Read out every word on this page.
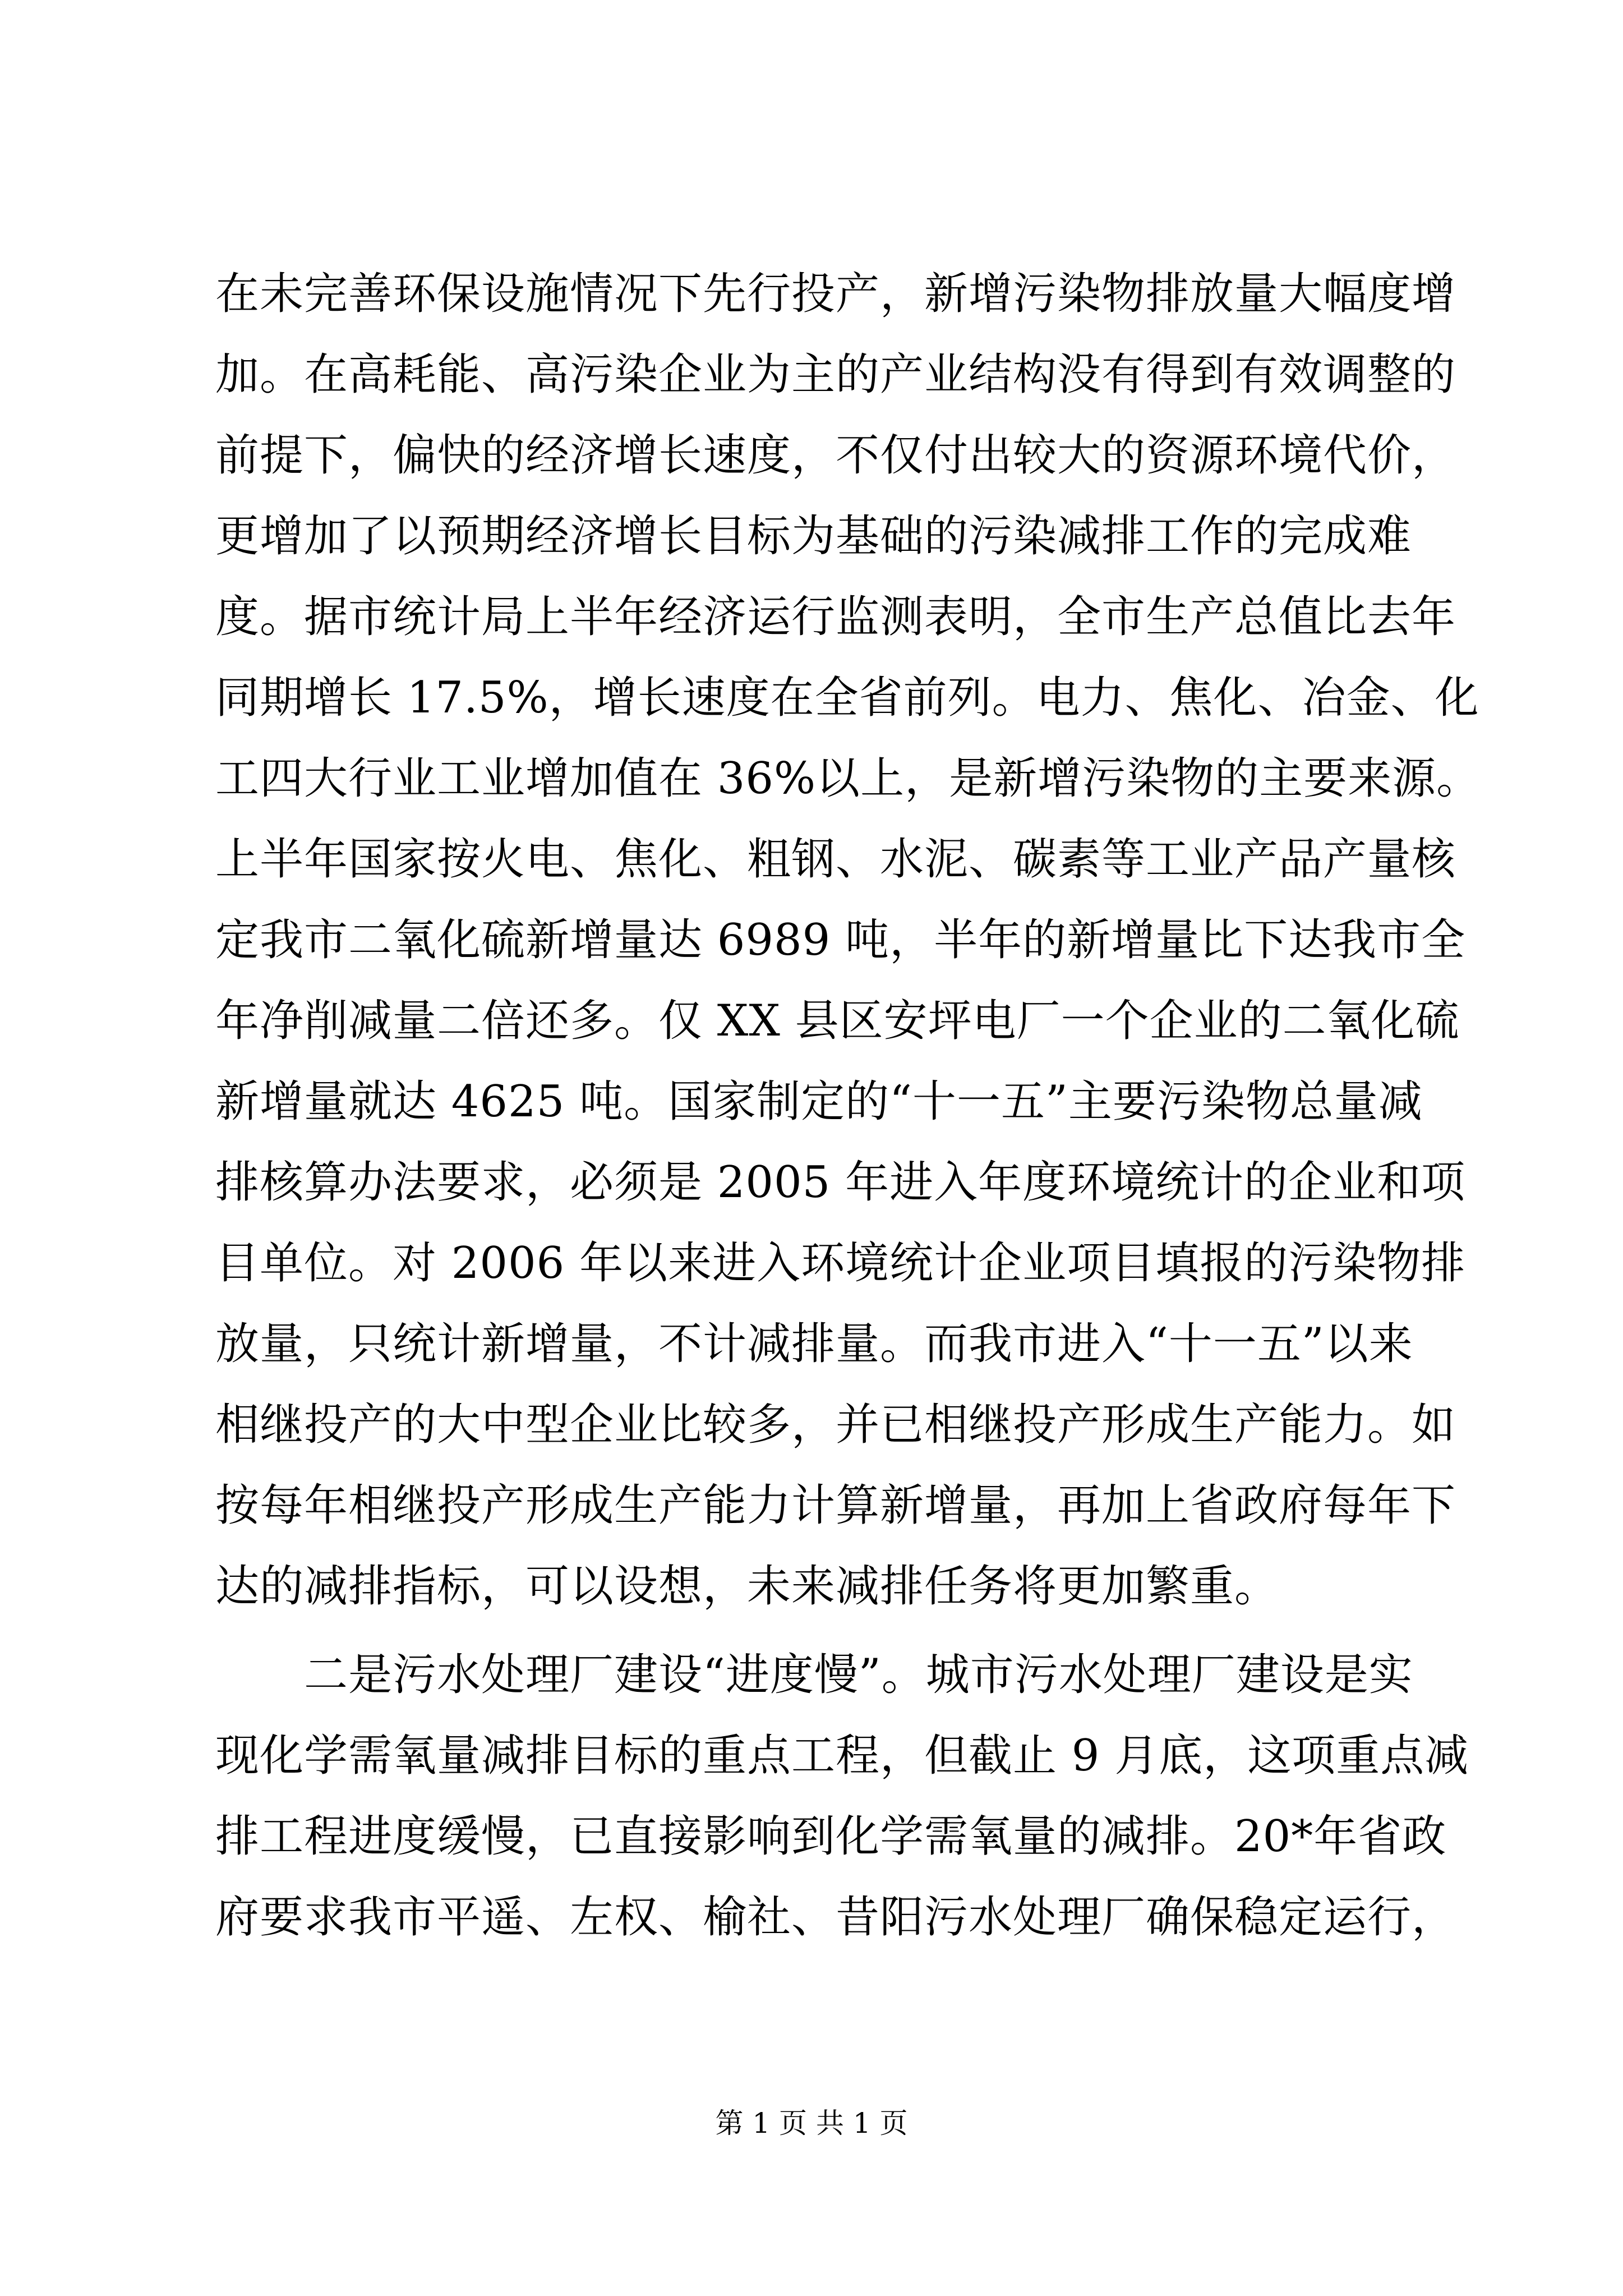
在未完善环保设施情况下先行投产，新增污染物排放量大幅度增
加。在高耗能、高污染企业为主的产业结构没有得到有效调整的
前提下，偏快的经济增长速度，不仅付出较大的资源环境代价，
更增加了以预期经济增长目标为基础的污染减排工作的完成难
度。据市统计局上半年经济运行监测表明，全市生产总值比去年
同期增长 17.5%，增长速度在全省前列。电力、焦化、冶金、化
工四大行业工业增加值在 36%以上，是新增污染物的主要来源。
上半年国家按火电、焦化、粗钢、水泥、碳素等工业产品产量核
定我市二氧化硫新增量达 6989 吨，半年的新增量比下达我市全
年净削减量二倍还多。仅 XX 县区安坪电厂一个企业的二氧化硫
新增量就达 4625 吨。国家制定的“十一五”主要污染物总量减
排核算办法要求，必须是 2005 年进入年度环境统计的企业和项
目单位。对 2006 年以来进入环境统计企业项目填报的污染物排
放量，只统计新增量，不计减排量。而我市进入“十一五”以来
相继投产的大中型企业比较多，并已相继投产形成生产能力。如
按每年相继投产形成生产能力计算新增量，再加上省政府每年下
达的减排指标，可以设想，未来减排任务将更加繁重。
　　二是污水处理厂建设“进度慢”。城市污水处理厂建设是实
现化学需氧量减排目标的重点工程，但截止 9 月底，这项重点减
排工程进度缓慢，已直接影响到化学需氧量的减排。20*年省政
府要求我市平遥、左权、榆社、昔阳污水处理厂确保稳定运行，
第 1 页 共 1 页
